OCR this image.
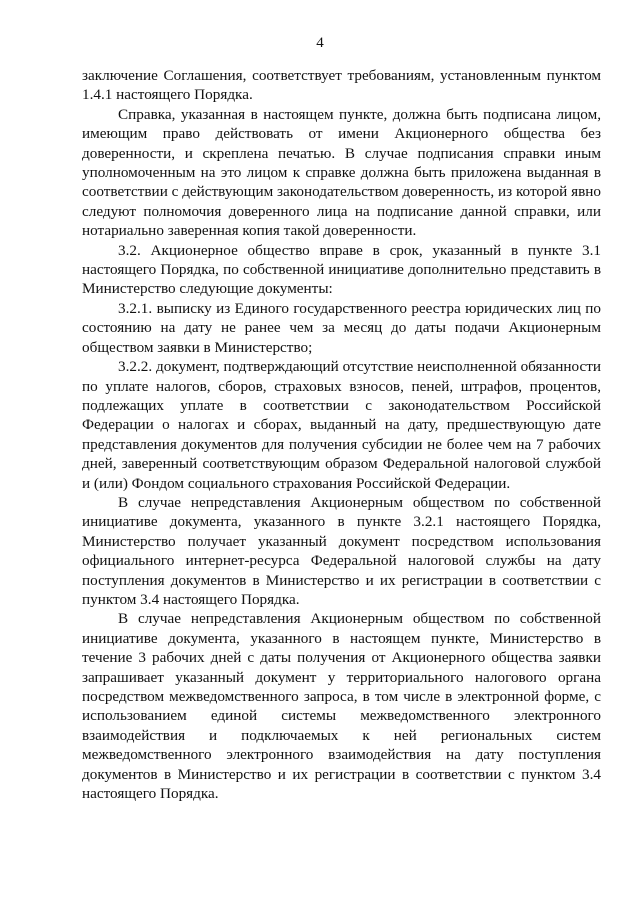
4

заключение Соглашения, соответствует требованиям, установленным пунктом 1.4.1 настоящего Порядка.

Справка, указанная в настоящем пункте, должна быть подписана лицом, имеющим право действовать от имени Акционерного общества без доверенности, и скреплена печатью. В случае подписания справки иным уполномоченным на это лицом к справке должна быть приложена выданная в соответствии с действующим законодательством доверенность, из которой явно следуют полномочия доверенного лица на подписание данной справки, или нотариально заверенная копия такой доверенности.

3.2. Акционерное общество вправе в срок, указанный в пункте 3.1 настоящего Порядка, по собственной инициативе дополнительно представить в Министерство следующие документы:

3.2.1. выписку из Единого государственного реестра юридических лиц по состоянию на дату не ранее чем за месяц до даты подачи Акционерным обществом заявки в Министерство;

3.2.2. документ, подтверждающий отсутствие неисполненной обязанности по уплате налогов, сборов, страховых взносов, пеней, штрафов, процентов, подлежащих уплате в соответствии с законодательством Российской Федерации о налогах и сборах, выданный на дату, предшествующую дате представления документов для получения субсидии не более чем на 7 рабочих дней, заверенный соответствующим образом Федеральной налоговой службой и (или) Фондом социального страхования Российской Федерации.

В случае непредставления Акционерным обществом по собственной инициативе документа, указанного в пункте 3.2.1 настоящего Порядка, Министерство получает указанный документ посредством использования официального интернет-ресурса Федеральной налоговой службы на дату поступления документов в Министерство и их регистрации в соответствии с пунктом 3.4 настоящего Порядка.

В случае непредставления Акционерным обществом по собственной инициативе документа, указанного в настоящем пункте, Министерство в течение 3 рабочих дней с даты получения от Акционерного общества заявки запрашивает указанный документ у территориального налогового органа посредством межведомственного запроса, в том числе в электронной форме, с использованием единой системы межведомственного электронного взаимодействия и подключаемых к ней региональных систем межведомственного электронного взаимодействия на дату поступления документов в Министерство и их регистрации в соответствии с пунктом 3.4 настоящего Порядка.
